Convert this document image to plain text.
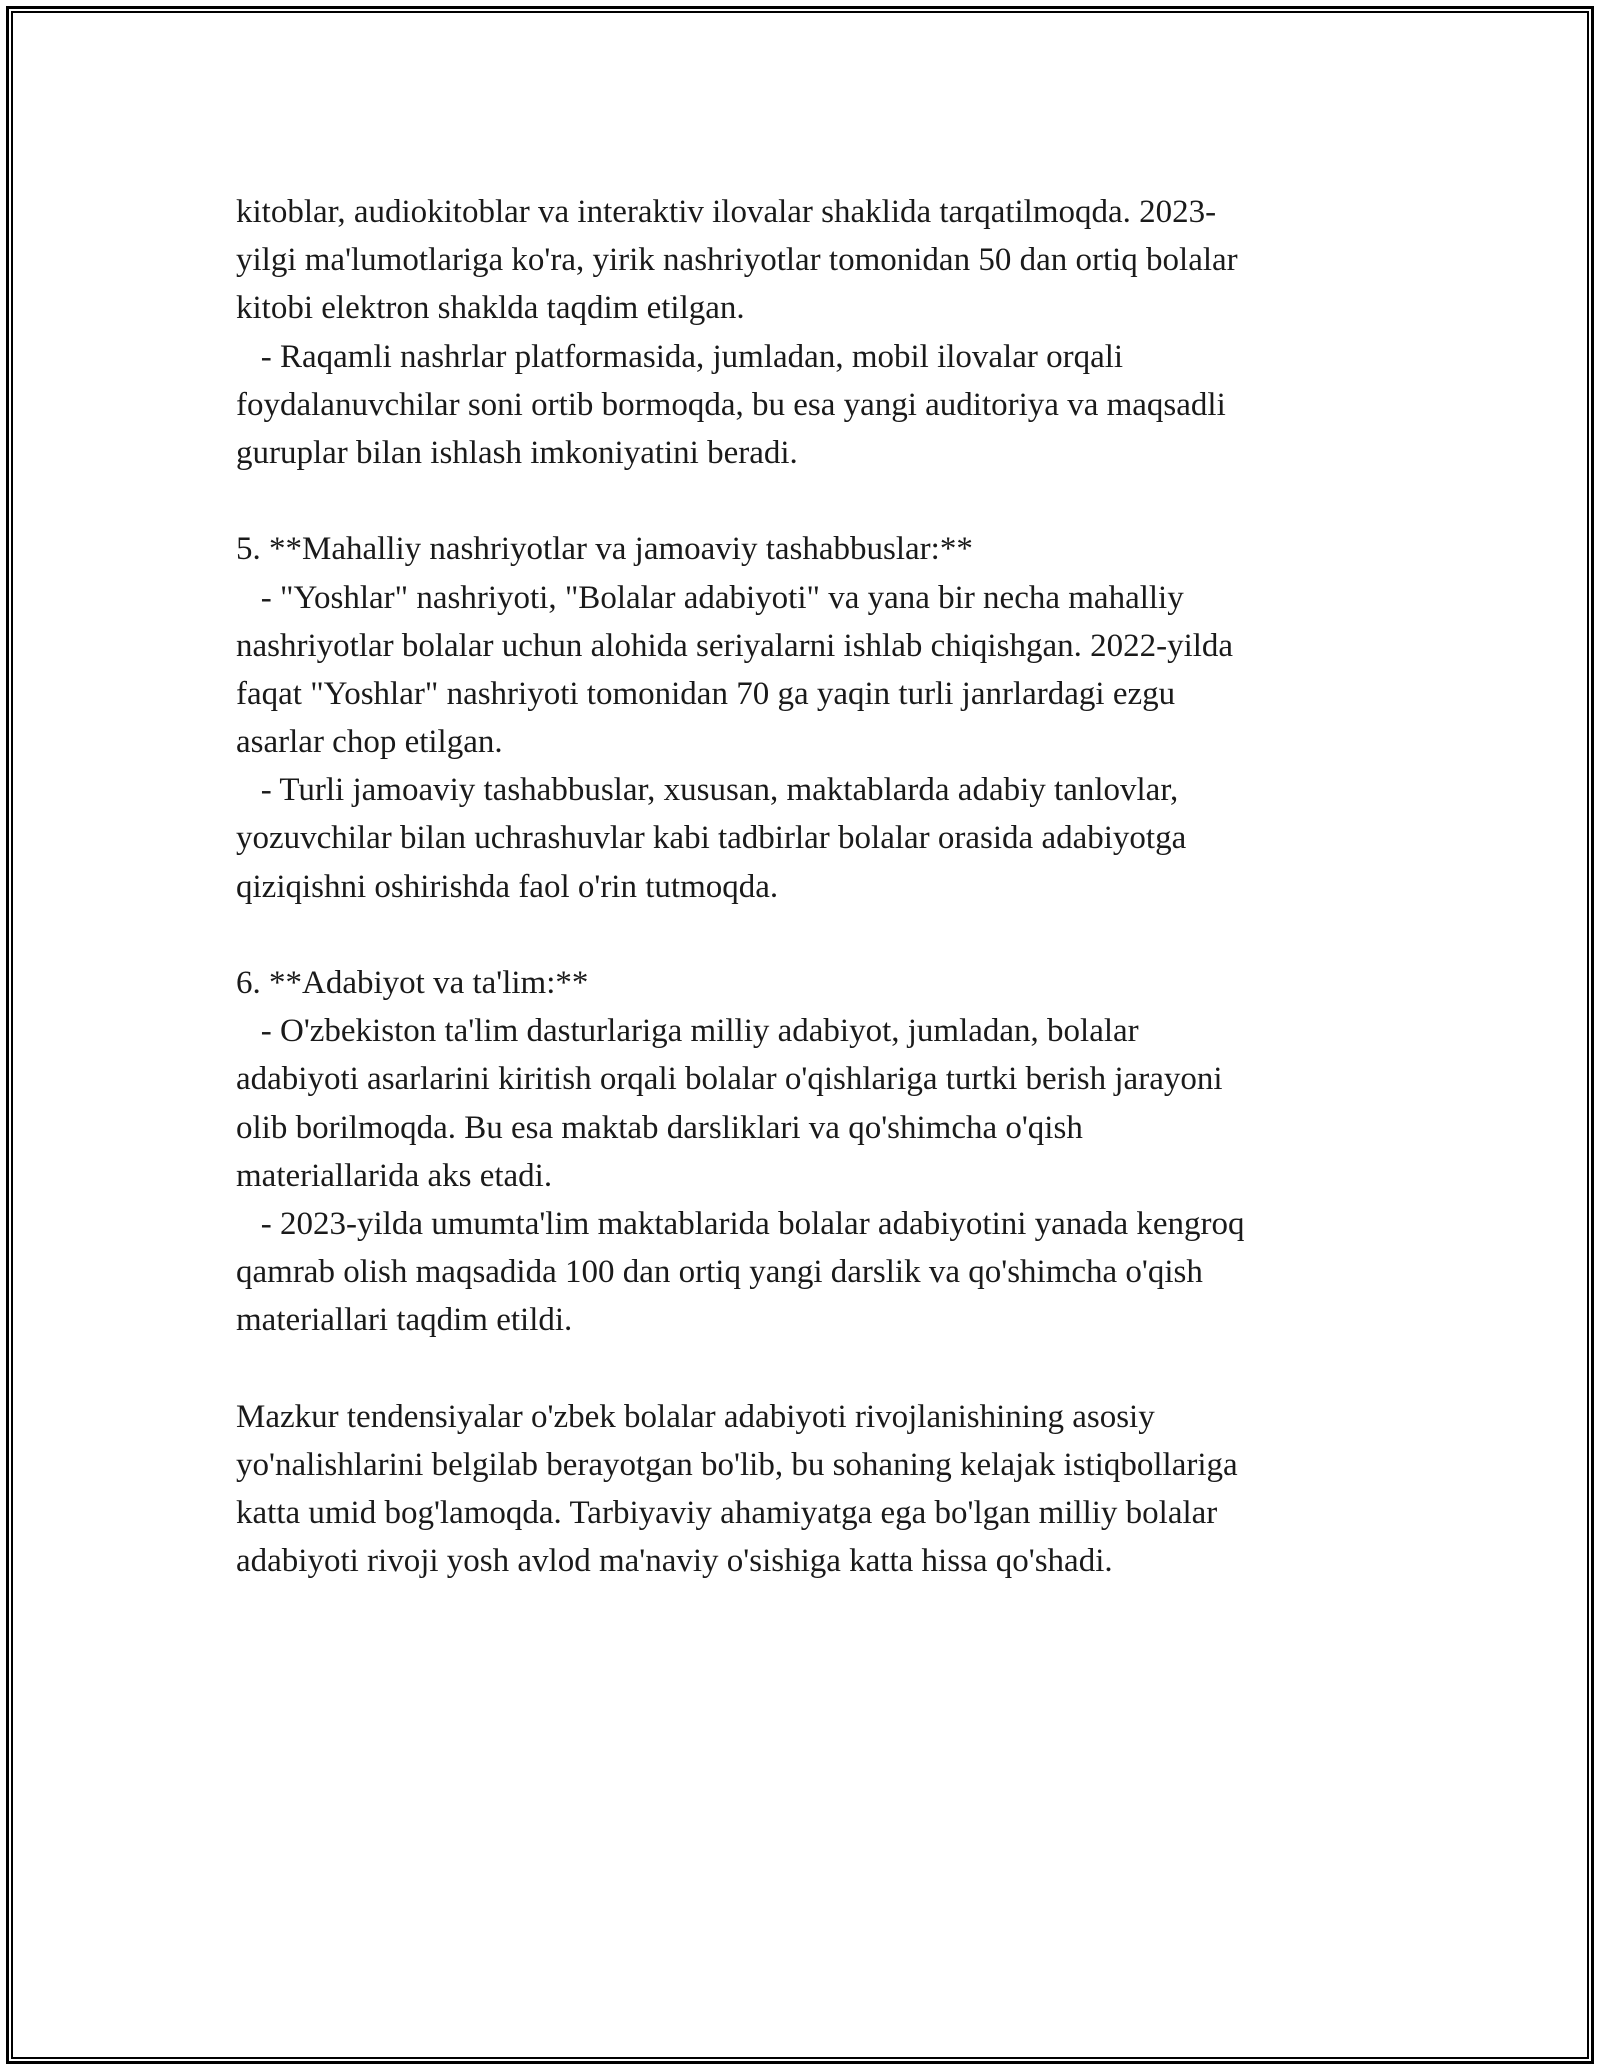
kitoblar, audiokitoblar va interaktiv ilovalar shaklida tarqatilmoqda. 2023-
yilgi ma'lumotlariga ko'ra, yirik nashriyotlar tomonidan 50 dan ortiq bolalar
kitobi elektron shakldа taqdim etilgan.
- Raqamli nashrlar platformasida, jumladan, mobil ilovalar orqali
foydalanuvchilar soni ortib bormoqda, bu esa yangi auditoriya va maqsadli
guruplar bilan ishlash imkoniyatini beradi.
5. **Mahalliy nashriyotlar va jamoaviy tashabbuslar:**
- "Yoshlar" nashriyoti, "Bolalar adabiyoti" va yana bir necha mahalliy
nashriyotlar bolalar uchun alohida seriyalarni ishlab chiqishgan. 2022-yilda
faqat "Yoshlar" nashriyoti tomonidan 70 ga yaqin turli janrlardagi ezgu
asarlar chop etilgan.
- Turli jamoaviy tashabbuslar, xususan, maktablarda adabiy tanlovlar,
yozuvchilar bilan uchrashuvlar kabi tadbirlar bolalar orasida adabiyotga
qiziqishni oshirishda faol o'rin tutmoqda.
6. **Adabiyot va ta'lim:**
- O'zbekiston ta'lim dasturlariga milliy adabiyot, jumladan, bolalar
adabiyoti asarlarini kiritish orqali bolalar o'qishlariga turtki berish jarayoni
olib borilmoqda. Bu esa maktab darsliklari va qo'shimcha o'qish
materiallarida aks etadi.
- 2023-yilda umumta'lim maktablarida bolalar adabiyotini yanada kengroq
qamrab olish maqsadida 100 dan ortiq yangi darslik va qo'shimcha o'qish
materiallari taqdim etildi.
Mazkur tendensiyalar o'zbek bolalar adabiyoti rivojlanishining asosiy
yo'nalishlarini belgilab berayotgan bo'lib, bu sohaning kelajak istiqbollariga
katta umid bog'lamoqda. Tarbiyaviy ahamiyatga ega bo'lgan milliy bolalar
adabiyoti rivoji yosh avlod ma'naviy o'sishiga katta hissa qo'shadi.
